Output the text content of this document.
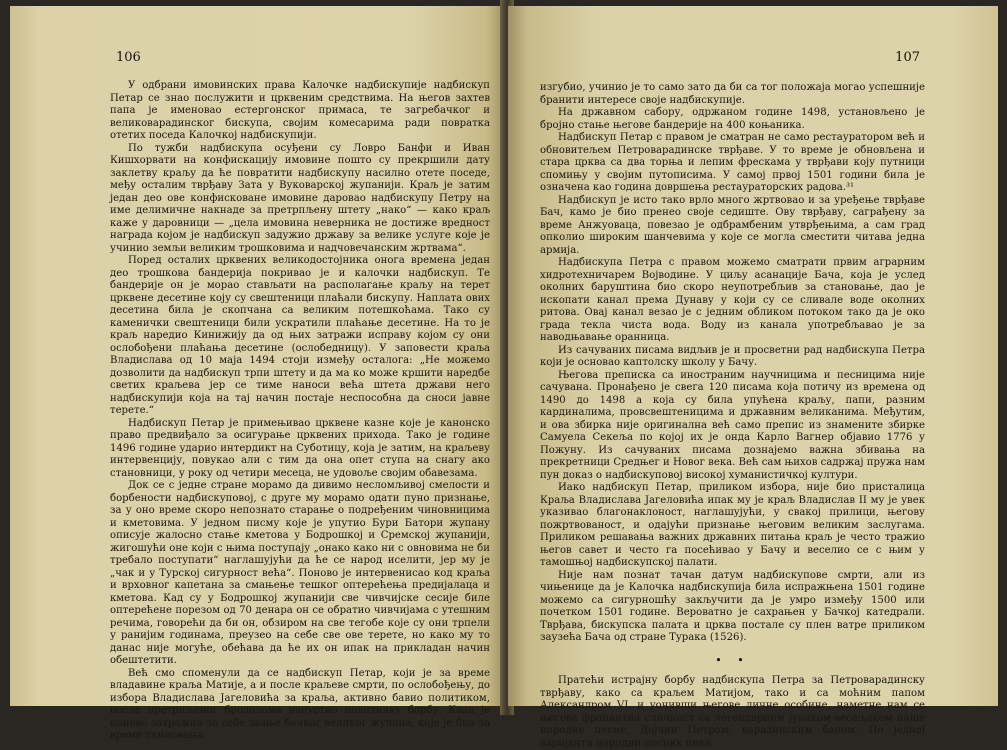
106

У одбрани имовинских права Калочке надбискупије надбискуп Петар се знао послужити и црквеним средствима. На његов захтев папа је именовао естергонског примаса, те загребачког и великоварадинског бискупа, својим комесарима ради повратка отетих поседа Калочкој надбискупији.

По тужби надбискупа осуђени су Ловро Банфи и Иван Кишхорвати на конфискацију имовине пошто су прекршили дату заклетву краљу да ће повратити надбискупу насилно отете поседе, међу осталим тврђаву Зата у Вуковарској жупанији. Краљ је затим један део ове конфисковане имовине даровао надбискупу Петру на име делимичне накнаде за претрпљену штету „нако“ — како краљ каже у даровници — „цела имовина неверника не достиже вредност награда којом је надбискуп задужио државу за велике услуге које је учинио земљи великим трошковима и надчовечанским жртвама“.

Поред осталих црквених великодостојника онога времена један део трошкова бандерија покривао је и калочки надбискуп. Те бандерије он је морао стављати на располагање краљу на терет црквене десетине коју су свештеници плаћали бискупу. Наплата ових десетина била је скопчана са великим потешкоћама. Тако су каменички свештеници били ускратили плаћање десетине. На то је краљ наредио Кинижију да од њих затражи исправу којом су они ослобођени плаћања десетине (ослобедницу). У заповести краља Владислава од 10 маја 1494 стоји између осталога: „Не можемо дозволити да надбискуп трпи штету и да ма ко може кршити наредбе светих краљева јер се тиме наноси већа штета држави него надбискупији која на тај начин постаје неспособна да сноси јавне терете.“

Надбискуп Петар је примењивао црквене казне које је канонско право предвиђало за осигурање црквених прихода. Тако је године 1496 године ударио интердикт на Суботицу, која је затим, на краљеву интервенцију, повукао али с тим да она опет ступа на снагу ако становници, у року од четири месеца, не удовоље својим обавезама.

Док се с једне стране морамо да дивимо несломљивој смелости и борбености надбискуповој, с друге му морамо одати пуно признање, за у оно време скоро непознато старање о подређеним чиновницима и кметовима. У једном писму које је упутио Бури Батори жупану описује жалосно стање кметова у Бодрошкој и Сремској жупанији, жигошући оне који с њима поступају „онако како ни с овновима не би требало поступати“ наглашујући да ће се народ иселити, јер му је „чак и у Турској сигурност већа“. Поново је интервенисао код краља и врховног капетана за смањење тешког оптерећења предијалаца и кметова. Кад су у Бодрошкој жупанији све чивчијске сесије биле оптерећене порезом од 70 денара он се обратио чивчијама с утешним речима, говорећи да би он, обзиром на све тегобе које су они трпели у ранијим годинама, преузео на себе све ове терете, но како му то данас није могуће, обећава да ће их он ипак на прикладан начин обештетити.

Већ смо споменули да се надбискуп Петар, који је за време владавине краља Матије, а и после краљеве смрти, по ослобођењу, до избора Владислава Јагеловића за краља, активно бавио политиком, после претрпљеног бродолома напустио политичку борбу. Када је поново затражио за себе звање бачког великог жупана, које је био за време тамновања

107

изгубио, учинио је то само зато да би са тог положаја могао успешније бранити интересе своје надбискупије.

На државном сабору, одржаном године 1498, установљено је бројно стање његове бандерије на 400 коњаника.

Надбискуп Петар с правом је сматран не само рестауратором већ и обновитељем Петроварадинске тврђаве. У то време је обновљена и стара црква са два торња и лепим фрескама у тврђави коју путници спомињу у својим путописима. У самој првој 1501 години била је означена као година довршења рестаураторских радова.³¹

Надбискуп је исто тако врло много жртвовао и за уређење тврђаве Бач, камо је био пренео своје седиште. Ову тврђаву, саграђену за време Анжуоваца, повезао је одбрамбеним утврђењима, а сам град опколио широким шанчевима у које се могла сместити читава једна армија.

Надбискупа Петра с правом можемо сматрати првим аграрним хидротехничарем Војводине. У циљу асанације Бача, која је услед околних баруштина био скоро неупотребљив за становање, дао је ископати канал према Дунаву у који су се сливале воде околних ритова. Овај канал везао је с једним обликом потоком тако да је око града текла чиста вода. Воду из канала употребљавао је за наводњавање оранница.

Из сачуваних писама видљив је и просветни рад надбискупа Петра који је основао каптолску школу у Бачу.

Његова преписка са иностраним научницима и песницима није сачувана. Пронађено је свега 120 писама која потичу из времена од 1490 до 1498 а која су била упућена краљу, папи, разним кардиналима, провсвештеницима и државним великанима. Међутим, и ова збирка није оригинална већ само препис из знамените збирке Самуела Секеља по којој их је онда Карло Вагнер објавио 1776 у Пожуну. Из сачуваних писама дознајемо важна збивања на прекретници Средњег и Новог века. Већ сам њихов садржај пружа нам пун доказ о надбискуповој високој хуманистичкој култури.

Иако надбискуп Петар, приликом избора, није био присталица Краља Владислава Јагеловића ипак му је краљ Владислав II му је увек указивао благонаклоност, наглашујући, у свакој прилици, његову пожртвованост, и одајући признање његовим великим заслугама. Приликом решавања важних државних питања краљ је често тражио његов савет и често га посећивао у Бачу и веселио се с њим у тамошњој надбискупској палати.

Није нам познат тачан датум надбискупове смрти, али из чињенице да је Калочка надбискупија била испражњена 1501 године можемо са сигурношћу закључити да је умро између 1500 или почетком 1501 године. Вероватно је сахрањен у Бачкој катедрали. Тврђава, бискупска палата и црква постале су плен ватре приликом заузећа Бача од стране Турака (1526).

• •

Пратећи истрајну борбу надбискупа Петра за Петроварадинску тврђаву, како са краљем Матијом, тако и са моћним папом Александром VI, и уочивши његове личне особине, наметне нам се његова фрапантна сличност са легендарним јунаком-весељаком наше народне песме, Дојчин Петром, варадинским баном. По једној варијанти народни песник пева:
